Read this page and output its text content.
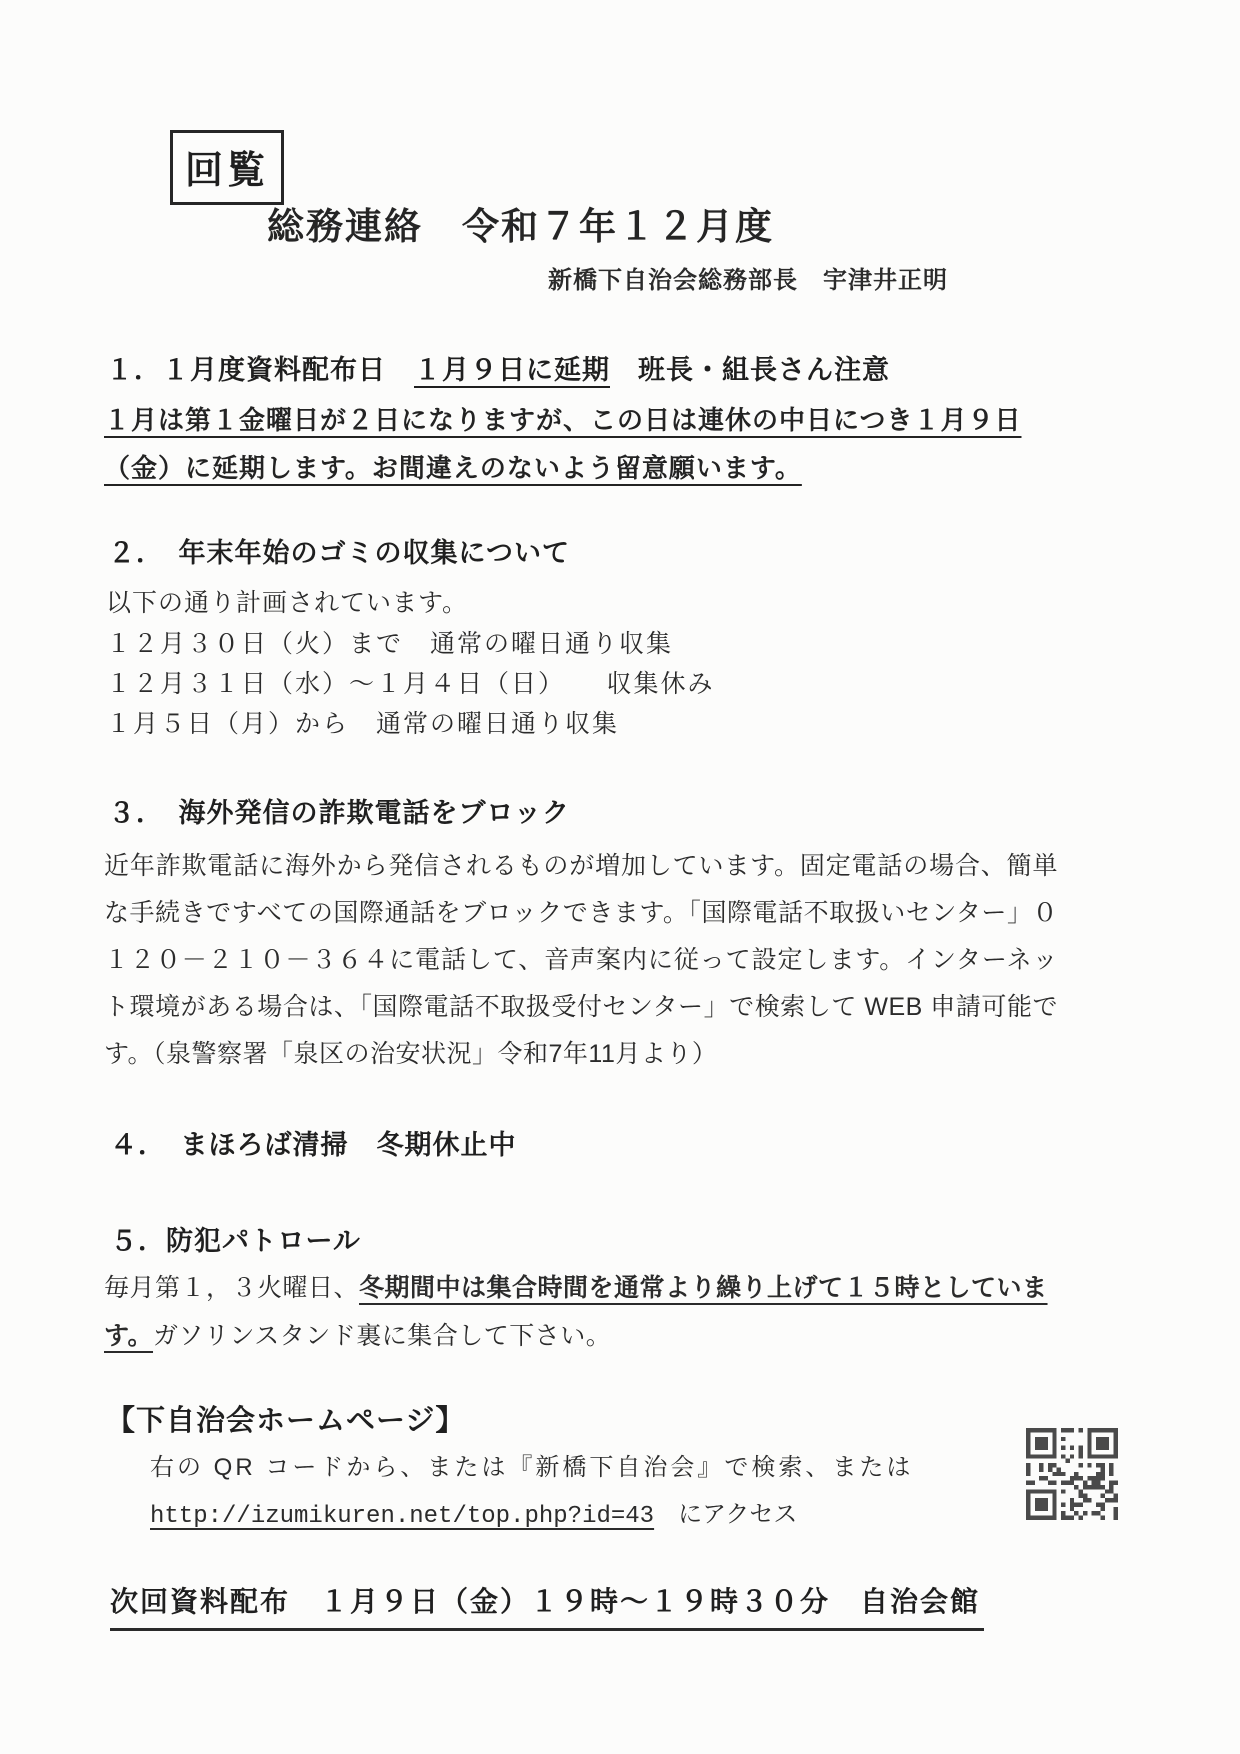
回覧
総務連絡　令和７年１２月度
新橋下自治会総務部長　宇津井正明
１．１月度資料配布日　１月９日に延期　班長・組長さん注意
１月は第１金曜日が２日になりますが、この日は連休の中日につき１月９日（金）に延期します。お間違えのないよう留意願います。
２．　年末年始のゴミの収集について
以下の通り計画されています。
１２月３０日（火）まで　通常の曜日通り収集
１２月３１日（水）～１月４日（日）　　収集休み
１月５日（月）から　通常の曜日通り収集
３．　海外発信の詐欺電話をブロック
近年詐欺電話に海外から発信されるものが増加しています。固定電話の場合、簡単な手続きですべての国際通話をブロックできます。「国際電話不取扱いセンター」０１２０－２１０－３６４に電話して、音声案内に従って設定します。インターネット環境がある場合は、「国際電話不取扱受付センター」で検索して WEB 申請可能です。（泉警察署「泉区の治安状況」令和7年11月より）
４．　まほろば清掃　冬期休止中
５．防犯パトロール
毎月第１，３火曜日、冬期間中は集合時間を通常より繰り上げて１５時としています。ガソリンスタンド裏に集合して下さい。
【下自治会ホームページ】
右の QR コードから、または『新橋下自治会』で検索、または
http://izumikuren.net/top.php?id=43　にアクセス
次回資料配布　１月９日（金）１９時～１９時３０分　自治会館
